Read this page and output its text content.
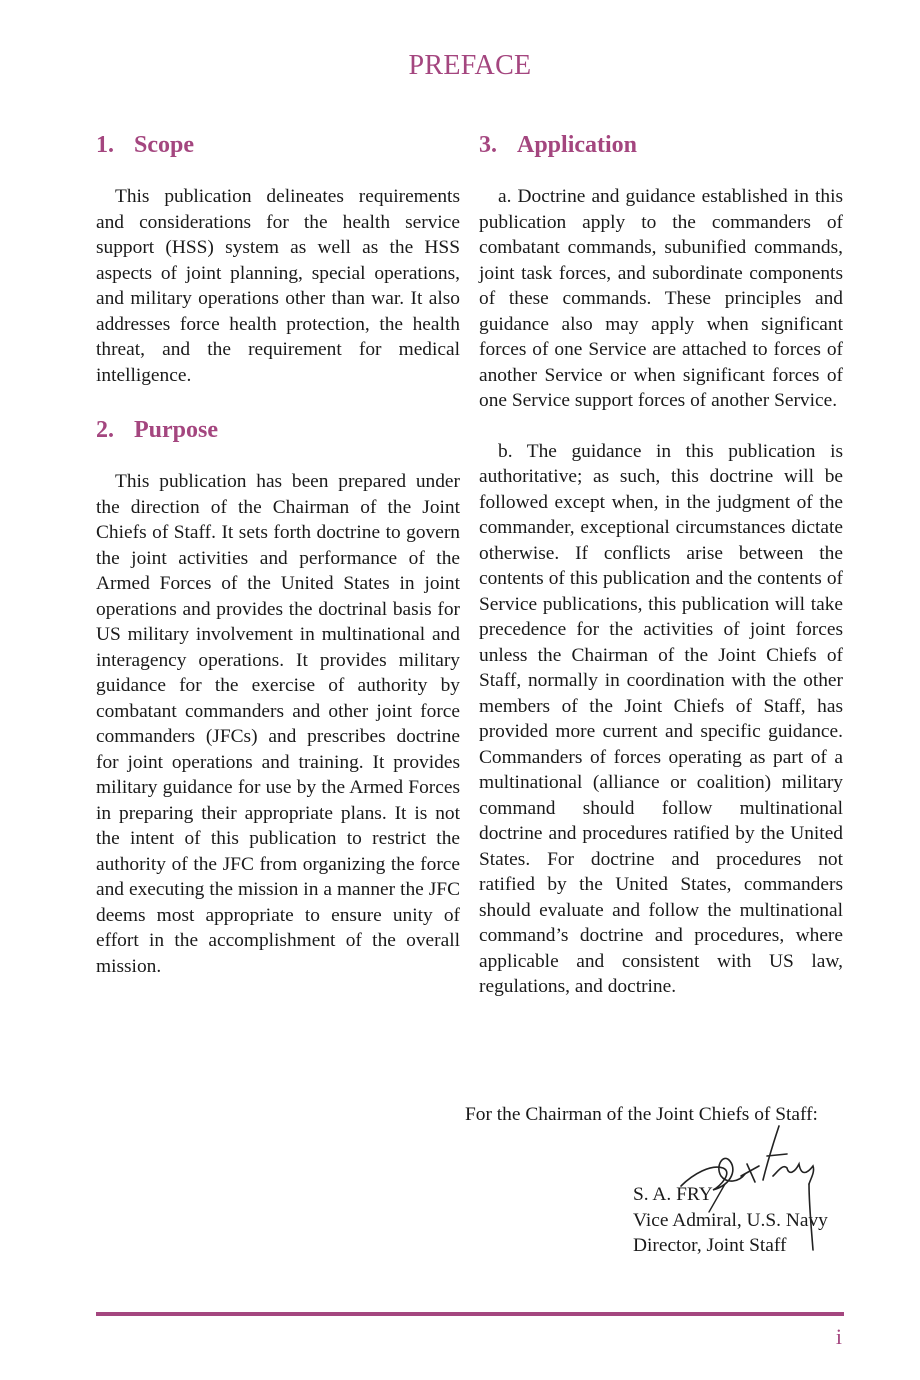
PREFACE
1. Scope

This publication delineates requirements and considerations for the health service support (HSS) system as well as the HSS aspects of joint planning, special operations, and military operations other than war. It also addresses force health protection, the health threat, and the requirement for medical intelligence.

2. Purpose

This publication has been prepared under the direction of the Chairman of the Joint Chiefs of Staff. It sets forth doctrine to govern the joint activities and performance of the Armed Forces of the United States in joint operations and provides the doctrinal basis for US military involvement in multinational and interagency operations. It provides military guidance for the exercise of authority by combatant commanders and other joint force commanders (JFCs) and prescribes doctrine for joint operations and training. It provides military guidance for use by the Armed Forces in preparing their appropriate plans. It is not the intent of this publication to restrict the authority of the JFC from organizing the force and executing the mission in a manner the JFC deems most appropriate to ensure unity of effort in the accomplishment of the overall mission.

3. Application

a. Doctrine and guidance established in this publication apply to the commanders of combatant commands, subunified commands, joint task forces, and subordinate components of these commands. These principles and guidance also may apply when significant forces of one Service are attached to forces of another Service or when significant forces of one Service support forces of another Service.

b. The guidance in this publication is authoritative; as such, this doctrine will be followed except when, in the judgment of the commander, exceptional circumstances dictate otherwise. If conflicts arise between the contents of this publication and the contents of Service publications, this publication will take precedence for the activities of joint forces unless the Chairman of the Joint Chiefs of Staff, normally in coordination with the other members of the Joint Chiefs of Staff, has provided more current and specific guidance. Commanders of forces operating as part of a multinational (alliance or coalition) military command should follow multinational doctrine and procedures ratified by the United States. For doctrine and procedures not ratified by the United States, commanders should evaluate and follow the multinational command’s doctrine and procedures, where applicable and consistent with US law, regulations, and doctrine.

For the Chairman of the Joint Chiefs of Staff:

S. A. FRY
Vice Admiral, U.S. Navy
Director, Joint Staff
i
